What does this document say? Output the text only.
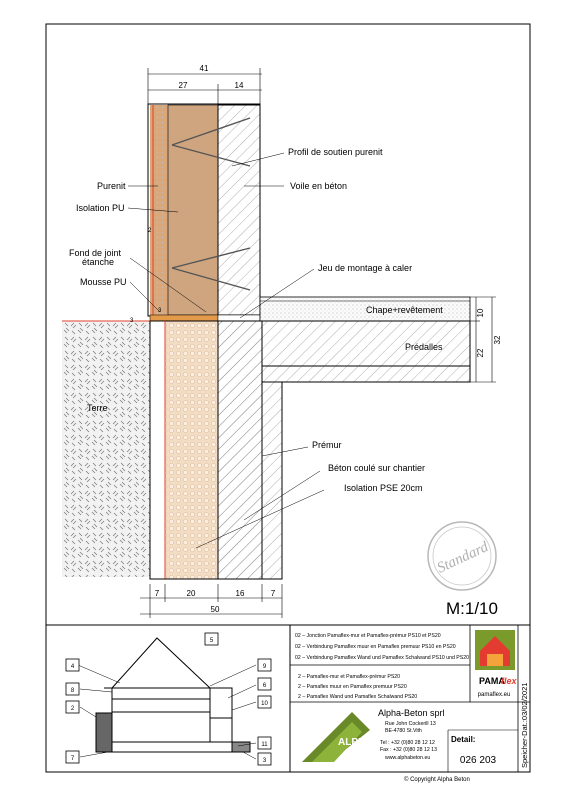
41
27	14
10
22
32
7	20	16	7
50
2
3
3
Profil de soutien purenit
Purenit	Voile en béton
Isolation PU
Fond de joint
étanche
Jeu de montage à caler
Mousse PU
Chape+revêtement
Prédalles
Terre
Prémur
Béton coulé sur chantier
Isolation PSE 20cm
Standard
M:1/10
5
4	9
6
8
2
10
7
11
3
02 – Jonction Pamaflex-mur et Pamaflex-prémur PS10 et PS20
02 – Verbindung Pamaflex muur en Pamaflex premuur PS10 en PS20
02 – Verbindung Pamaflex Wand und Pamaflex Schalwand PS10 und PS20
2 – Pamaflex-mur et Pamaflex-prémur PS20
2 – Pamaflex muur en Pamaflex premuur PS20
2 – Pamaflex Wand und Pamaflex Schalwand PS20
PAMA
flex
pamaflex.eu
ALPHA
Alpha-Beton sprl
Rue John Cockerill 13
BE-4780 St.Vith
Tel : +32 (0)80 28 12 12
Fax : +32 (0)80 28 12 13
www.alphabeton.eu
Detail:
026 203	Speicher-Dat.:03/02/2021
© Copyright Alpha Beton
